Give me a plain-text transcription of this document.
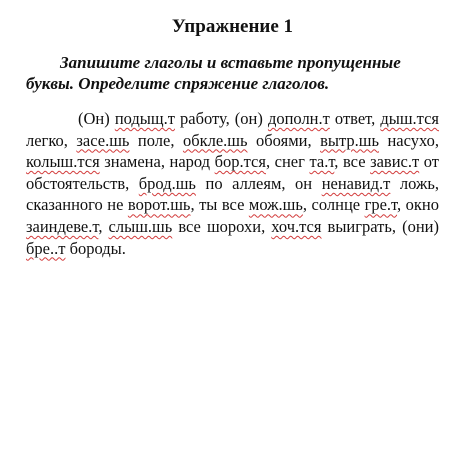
Упражнение 1
Запишите глаголы и вставьте пропущенные буквы. Определите спряжение глаголов.

(Он) подыщ.т работу, (он) дополн.т ответ, дыш.тся легко, засе.шь поле, обкле.шь обоями, вытр.шь насухо, колыш.тся знамена, народ бор.тся, снег та.т, все завис.т от обстоятельств, брод.шь по аллеям, он ненавид.т ложь, сказанного не ворот.шь, ты все мож.шь, солнце гре.т, окно заиндеве.т, слыш.шь все шорохи, хоч.тся выиграть, (они) бре..т бороды.
